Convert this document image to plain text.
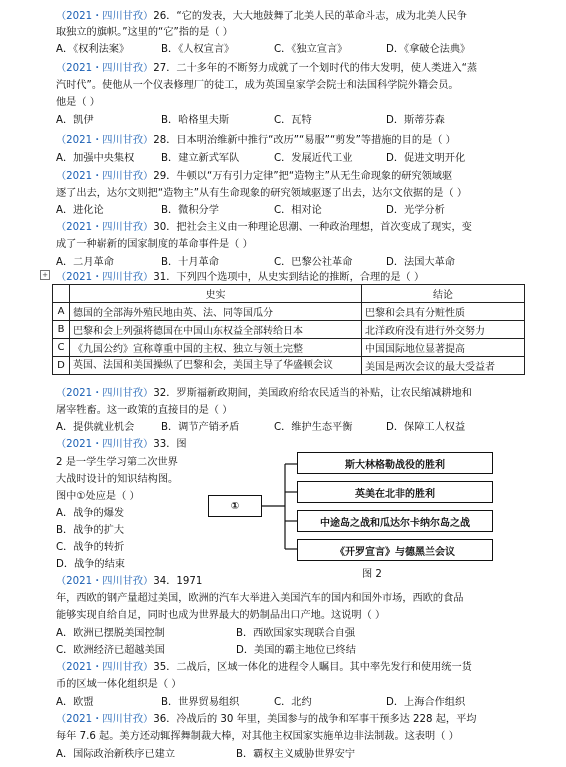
（2021・四川甘孜）26．“它的发表，大大地鼓舞了北美人民的革命斗志，成为北美人民争
取独立的旗帜。”这里的“它”指的是（ ）
A．《权利法案》	B．《人权宣言》	C．《独立宣言》	D．《拿破仑法典》
（2021・四川甘孜）27．二十多年的不断努力成就了一个划时代的伟大发明，使人类进入“蒸
汽时代”。使他从一个仪表修理厂的徒工，成为英国皇家学会院士和法国科学院外籍会员。
他是（ ）
A．凯伊	B．哈格里夫斯	C．瓦特	D．斯蒂芬森
（2021・四川甘孜）28．日本明治维新中推行“改历”“易服”“剪发”等措施的目的是（ ）
A．加强中央集权	B．建立新式军队	C．发展近代工业	D．促进文明开化
（2021・四川甘孜）29．牛顿以“万有引力定律”把“造物主”从无生命现象的研究领域驱
逐了出去，达尔文则把“造物主”从有生命现象的研究领域驱逐了出去，达尔文依据的是（ ）
A．进化论	B．微积分学	C．相对论	D．光学分析
（2021・四川甘孜）30．把社会主义由一种理论思潮、一种政治理想，首次变成了现实，变
成了一种崭新的国家制度的革命事件是（ ）
A．二月革命	B．十月革命	C．巴黎公社革命	D．法国大革命
+ （2021・四川甘孜）31．下列四个选项中，从史实到结论的推断，合理的是（ ）
	史实	结论
A	德国的全部海外殖民地由英、法、同等国瓜分	巴黎和会具有分赃性质
B	巴黎和会上列强将德国在中国山东权益全部转给日本	北洋政府没有进行外交努力
C	《九国公约》宣称尊重中国的主权、独立与领土完整	中国国际地位显著提高
D	英国、法国和美国操纵了巴黎和会，美国主导了华盛顿会议	美国是两次会议的最大受益者
（2021・四川甘孜）32．罗斯福新政期间，美国政府给农民适当的补贴，让农民缩减耕地和
屠宰牲畜。这一政策的直接目的是（ ）
A．提供就业机会	B．调节产销矛盾	C．维护生态平衡	D．保障工人权益
（2021・四川甘孜）33．图
2 是一学生学习第二次世界
大战时设计的知识结构图。
图中①处应是（ ）
A．战争的爆发
B．战争的扩大
C．战争的转折
D．战争的结束
①
斯大林格勒战役的胜利
英美在北非的胜利
中途岛之战和瓜达尔卡纳尔岛之战
《开罗宣言》与德黑兰会议
图 2
（2021・四川甘孜）34．1971
年，西欧的钢产量超过美国，欧洲的汽车大举进入美国汽车的国内和国外市场，西欧的食品
能够实现自给自足，同时也成为世界最大的奶制品出口产地。这说明（ ）
A．欧洲已摆脱美国控制	B．西欧国家实现联合自强
C．欧洲经济已超越美国	D．美国的霸主地位已终结
（2021・四川甘孜）35．二战后，区域一体化的进程令人瞩目。其中率先发行和使用统一货
币的区域一体化组织是（ ）
A．欧盟	B．世界贸易组织	C．北约	D．上海合作组织
（2021・四川甘孜）36．冷战后的 30 年里，美国参与的战争和军事干预多达 228 起，平均
每年 7.6 起。美方还动辄挥舞制裁大棒，对其他主权国家实施单边非法制裁。这表明（ ）
A．国际政治新秩序已建立	B．霸权主义威胁世界安宁
